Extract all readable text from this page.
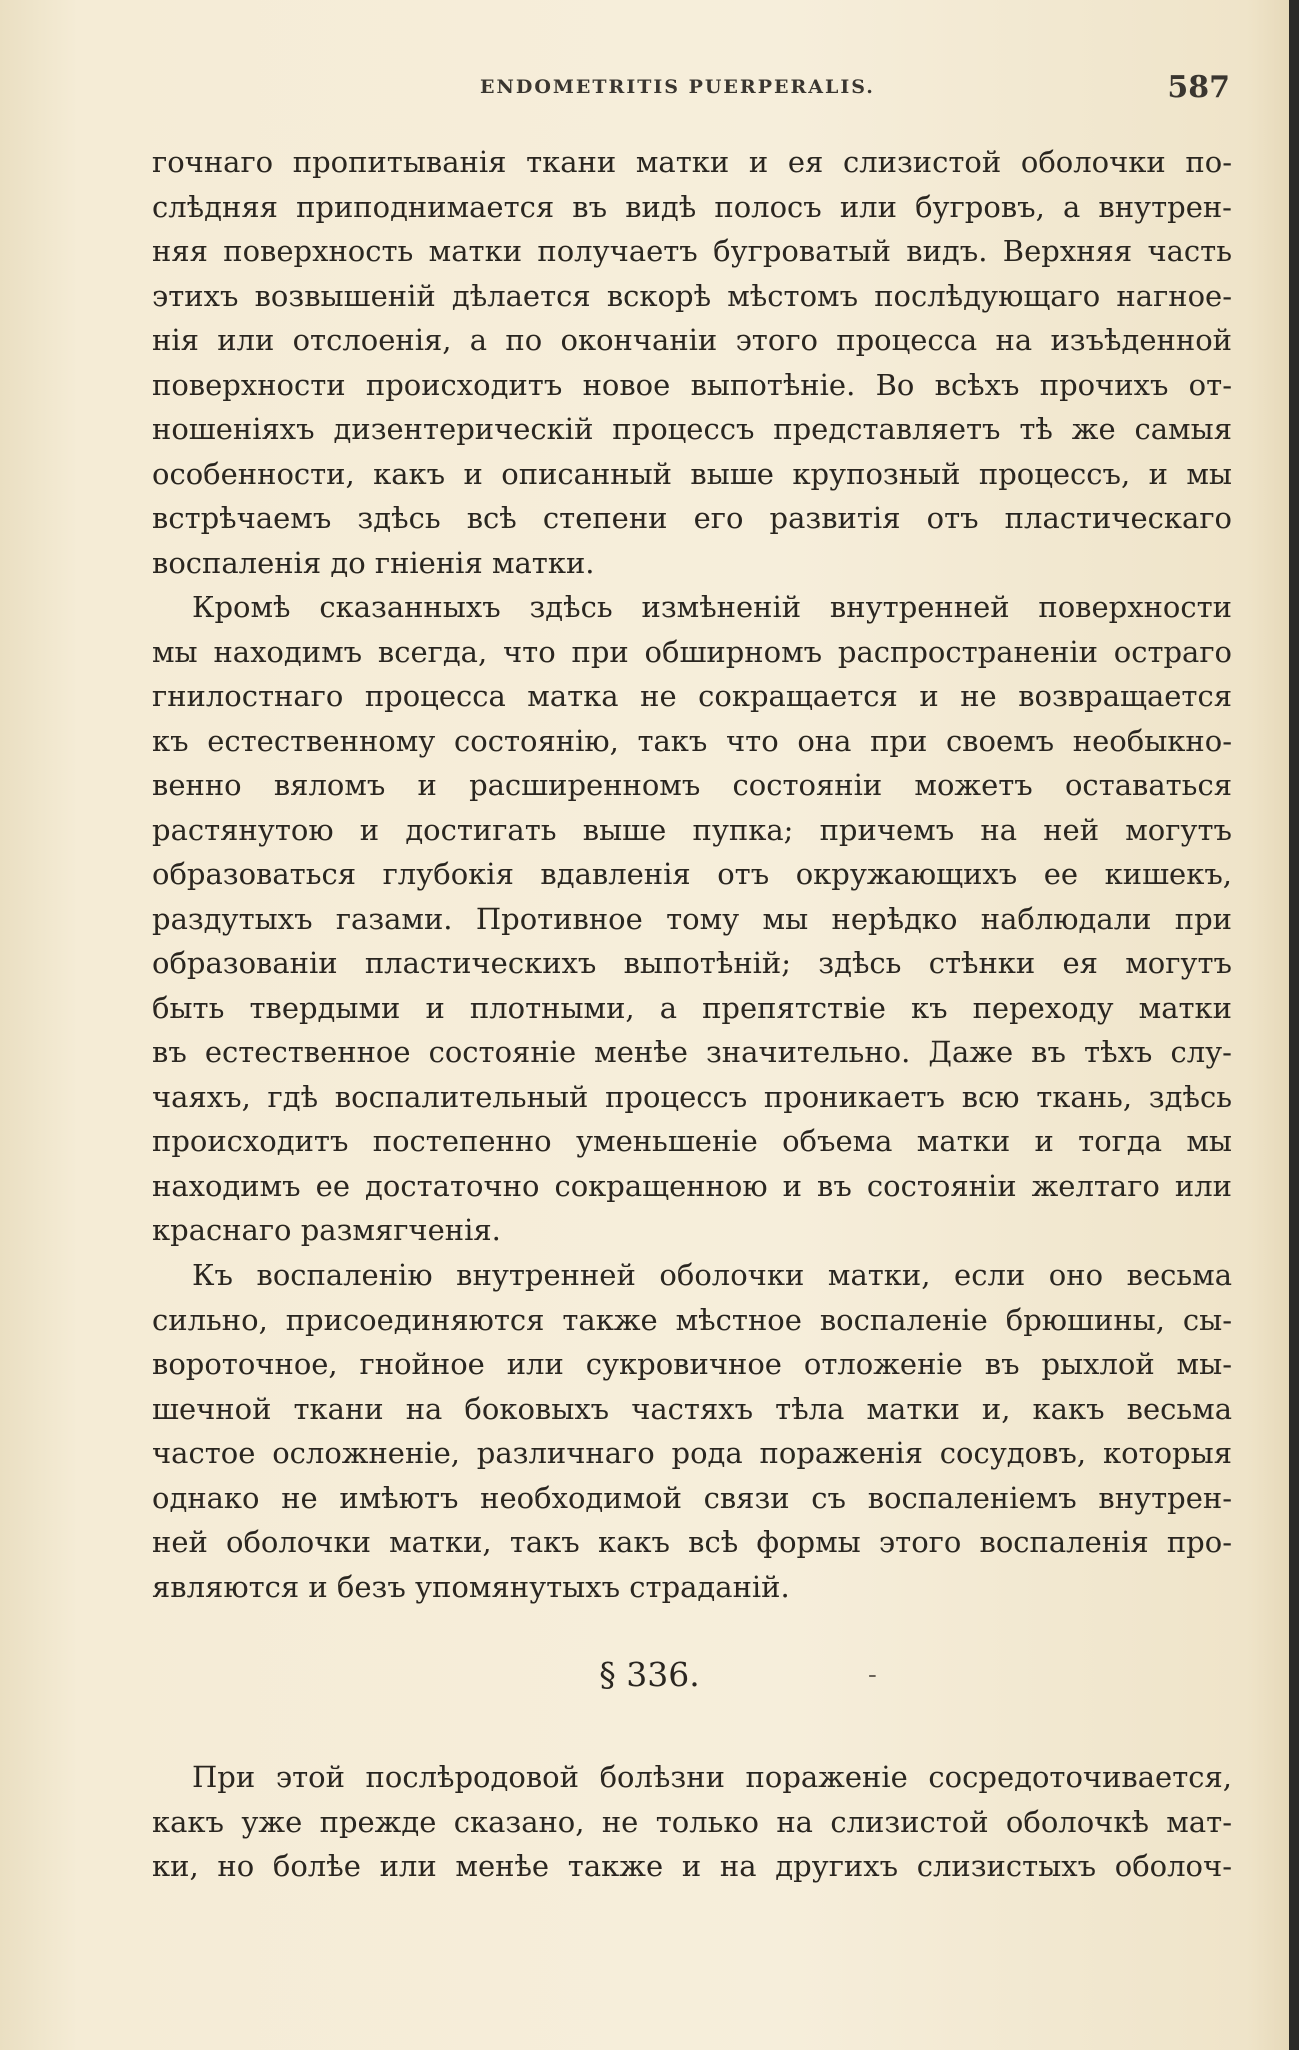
ENDOMETRITIS PUERPERALIS.	587
гочнаго пропитыванія ткани матки и ея слизистой оболочки по-
слѣдняя приподнимается въ видѣ полосъ или бугровъ, а внутрен-
няя поверхность матки получаетъ бугроватый видъ. Верхняя часть
этихъ возвышеній дѣлается вскорѣ мѣстомъ послѣдующаго нагное-
нія или отслоенія, а по окончаніи этого процесса на изъѣденной
поверхности происходитъ новое выпотѣніе. Во всѣхъ прочихъ от-
ношеніяхъ дизентерическій процессъ представляетъ тѣ же самыя
особенности, какъ и описанный выше крупозный процессъ, и мы
встрѣчаемъ здѣсь всѣ степени его развитія отъ пластическаго
воспаленія до гніенія матки.
Кромѣ сказанныхъ здѣсь измѣненій внутренней поверхности
мы находимъ всегда, что при обширномъ распространеніи остраго
гнилостнаго процесса матка не сокращается и не возвращается
къ естественному состоянію, такъ что она при своемъ необыкно-
венно вяломъ и расширенномъ состояніи можетъ оставаться
растянутою и достигать выше пупка; причемъ на ней могутъ
образоваться глубокія вдавленія отъ окружающихъ ее кишекъ,
раздутыхъ газами. Противное тому мы нерѣдко наблюдали при
образованіи пластическихъ выпотѣній; здѣсь стѣнки ея могутъ
быть твердыми и плотными, а препятствіе къ переходу матки
въ естественное состояніе менѣе значительно. Даже въ тѣхъ слу-
чаяхъ, гдѣ воспалительный процессъ проникаетъ всю ткань, здѣсь
происходитъ постепенно уменьшеніе объема матки и тогда мы
находимъ ее достаточно сокращенною и въ состояніи желтаго или
краснаго размягченія.
Къ воспаленію внутренней оболочки матки, если оно весьма
сильно, присоединяются также мѣстное воспаленіе брюшины, сы-
вороточное, гнойное или сукровичное отложеніе въ рыхлой мы-
шечной ткани на боковыхъ частяхъ тѣла матки и, какъ весьма
частое осложненіе, различнаго рода пораженія сосудовъ, которыя
однако не имѣютъ необходимой связи съ воспаленіемъ внутрен-
ней оболочки матки, такъ какъ всѣ формы этого воспаленія про-
являются и безъ упомянутыхъ страданій.
§ 336.	-
При этой послѣродовой болѣзни пораженіе сосредоточивается,
какъ уже прежде сказано, не только на слизистой оболочкѣ мат-
ки, но болѣе или менѣе также и на другихъ слизистыхъ оболоч-
